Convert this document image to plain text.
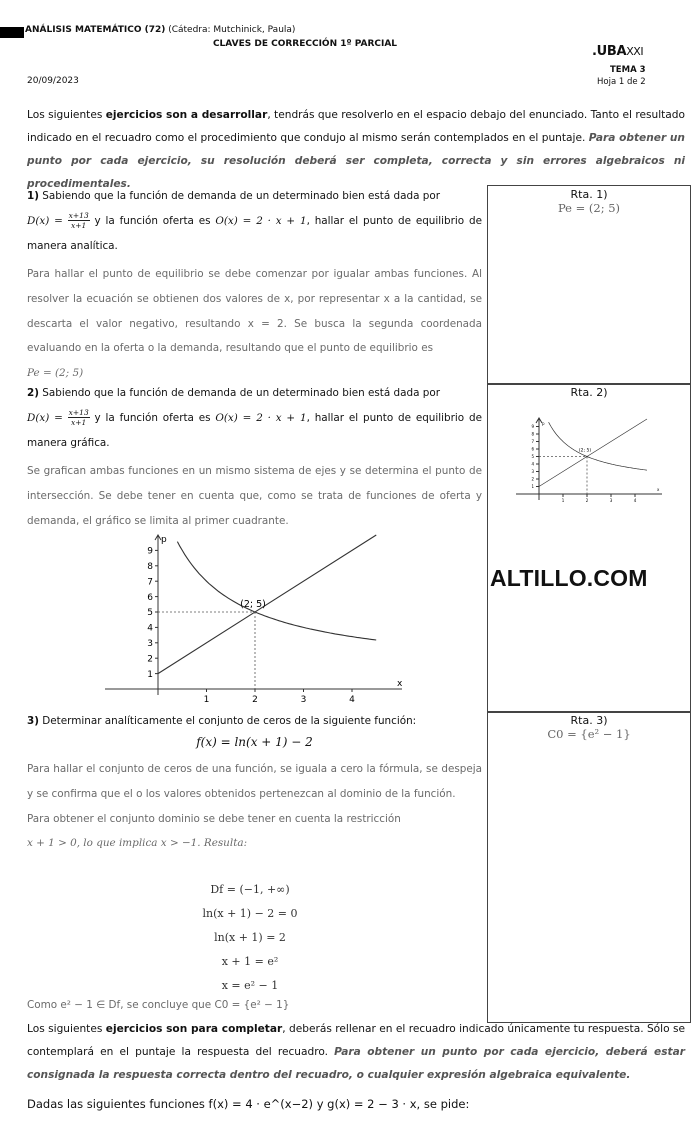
ANÁLISIS MATEMÁTICO (72) (Cátedra: Mutchinick, Paula)
CLAVES DE CORRECCIÓN 1º PARCIAL	.UBAXXI
TEMA 3
Hoja 1 de 2
20/09/2023
Los siguientes ejercicios son a desarrollar, tendrás que resolverlo en el espacio debajo del enunciado. Tanto el resultado indicado en el recuadro como el procedimiento que condujo al mismo serán contemplados en el puntaje. Para obtener un punto por cada ejercicio, su resolución deberá ser completa, correcta y sin errores algebraicos ni procedimentales.
1) Sabiendo que la función de demanda de un determinado bien está dada por
$D(x) = \frac{x+13}{x+1}$ y la función oferta es O(x) = 2 · x + 1, hallar el punto de equilibrio de manera analítica.
Para hallar el punto de equilibrio se debe comenzar por igualar ambas funciones. Al resolver la ecuación se obtienen dos valores de x, por representar x a la cantidad, se descarta el valor negativo, resultando x = 2. Se busca la segunda coordenada evaluando en la oferta o la demanda, resultando que el punto de equilibrio es
Pe = (2; 5)
Rta. 1)
Pe = (2; 5)
2) Sabiendo que la función de demanda de un determinado bien está dada por
$D(x) = \frac{x+13}{x+1}$ y la función oferta es O(x) = 2 · x + 1, hallar el punto de equilibrio de manera gráfica.
Se grafican ambas funciones en un mismo sistema de ejes y se determina el punto de intersección. Se debe tener en cuenta que, como se trata de funciones de oferta y demanda, el gráfico se limita al primer cuadrante.
Rta. 2)
p
x
1	2	3	4
1
2
3
4
5
6
7
8
9
(2; 5)
p
x
1	2	3	4
1
2
3
4
5
6
7
8
9
(2; 5)
ALTILLO.COM
3) Determinar analíticamente el conjunto de ceros de la siguiente función:
f(x) = ln(x + 1) − 2
Para hallar el conjunto de ceros de una función, se iguala a cero la fórmula, se despeja y se confirma que el o los valores obtenidos pertenezcan al dominio de la función.
Para obtener el conjunto dominio se debe tener en cuenta la restricción
x + 1 > 0, lo que implica x > −1. Resulta:
Df = (−1, +∞)
ln(x + 1) − 2 = 0
ln(x + 1) = 2
x + 1 = e²
x = e² − 1
Como e² − 1 ∈ Df, se concluye que C0 = {e² − 1}
Rta. 3)
C0 = {e² − 1}
Los siguientes ejercicios son para completar, deberás rellenar en el recuadro indicado únicamente tu respuesta. Sólo se contemplará en el puntaje la respuesta del recuadro. Para obtener un punto por cada ejercicio, deberá estar consignada la respuesta correcta dentro del recuadro, o cualquier expresión algebraica equivalente.
Dadas las siguientes funciones f(x) = 4 · e^(x−2) y g(x) = 2 − 3 · x, se pide:
